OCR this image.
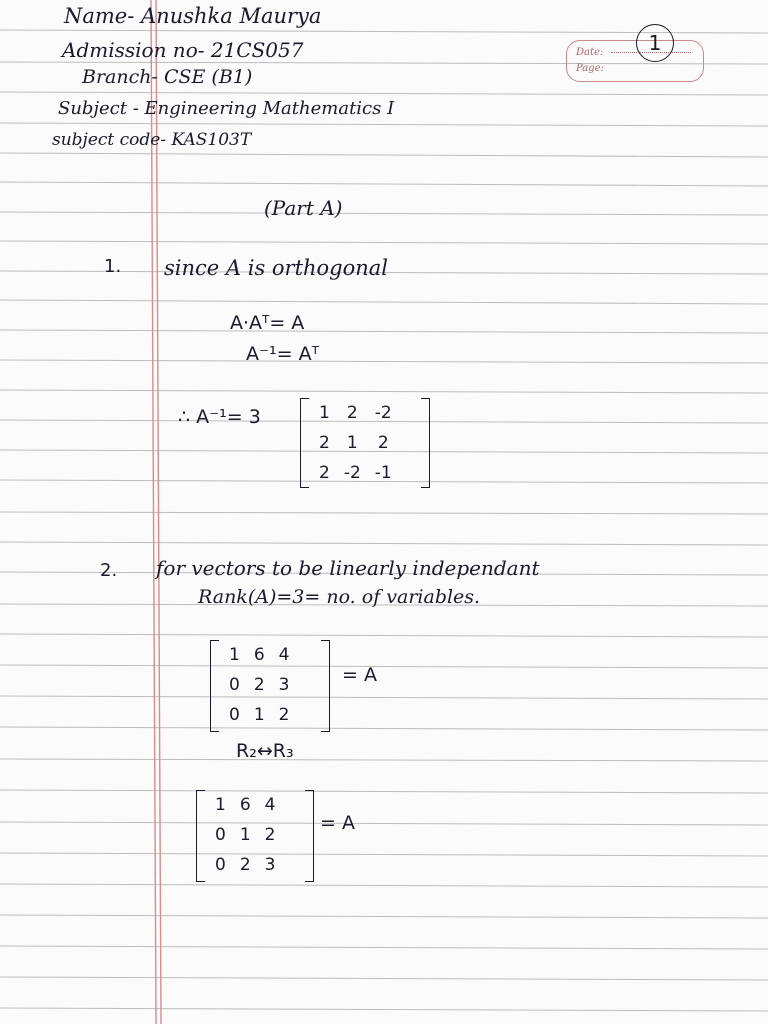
Date:
Page:
1
Name- Anushka Maurya
Admission no- 21CS057
Branch- CSE (B1)
Subject - Engineering Mathematics I
subject code- KAS103T
(Part A)
1. since A is orthogonal
A·Aᵀ= A
A⁻¹= Aᵀ
∴ A⁻¹= 3	1	2	-2
2	1	2
2	-2	-1
2. for vectors to be linearly independant
Rank(A)=3= no. of variables.
1	6	4
0	2	3
0	1	2
= A
R₂↔R₃
1	6	4
0	1	2
0	2	3
= A
